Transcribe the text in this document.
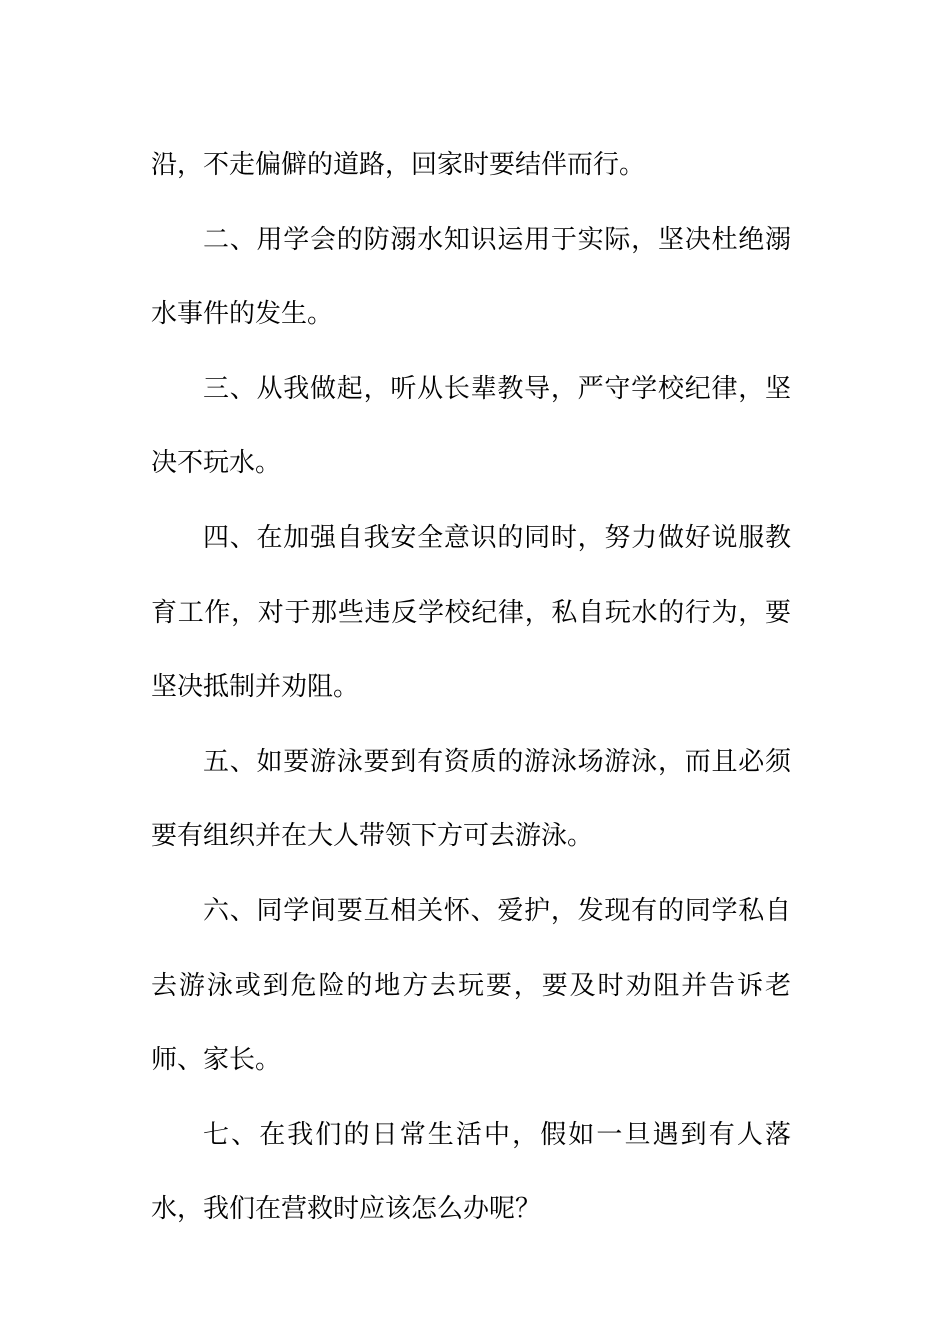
沿，不走偏僻的道路，回家时要结伴而行。

二、用学会的防溺水知识运用于实际，坚决杜绝溺水事件的发生。

三、从我做起，听从长辈教导，严守学校纪律，坚决不玩水。

四、在加强自我安全意识的同时，努力做好说服教育工作，对于那些违反学校纪律，私自玩水的行为，要坚决抵制并劝阻。

五、如要游泳要到有资质的游泳场游泳，而且必须要有组织并在大人带领下方可去游泳。

六、同学间要互相关怀、爱护，发现有的同学私自去游泳或到危险的地方去玩要，要及时劝阻并告诉老师、家长。

七、在我们的日常生活中，假如一旦遇到有人落水，我们在营救时应该怎么办呢？
